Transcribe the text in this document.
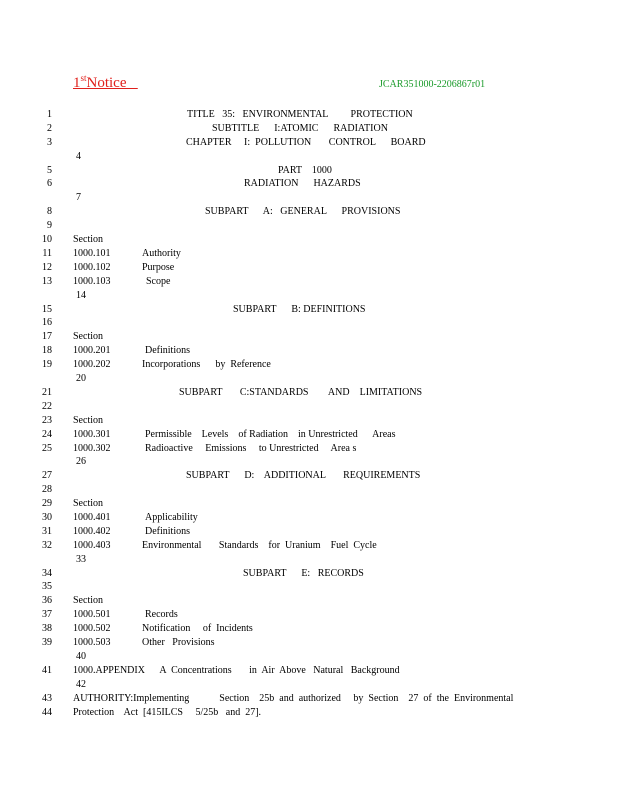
1stNotice	JCAR351000-2206867r01
1	TITLE   35:   ENVIRONMENTAL         PROTECTION
2	SUBTITLE      I:ATOMIC      RADIATION
3	CHAPTER     I:  POLLUTION       CONTROL      BOARD
4
5	PART    1000
6	RADIATION      HAZARDS
7
8	SUBPART      A:   GENERAL      PROVISIONS
9
10 Section
11 1000.101	Authority
12 1000.102	Purpose
13 1000.103	Scope
14
15	SUBPART      B: DEFINITIONS
16
17 Section
18 1000.201	Definitions
19 1000.202	Incorporations      by  Reference
20
21	SUBPART       C:STANDARDS        AND    LIMITATIONS
22
23 Section
24 1000.301	Permissible    Levels    of Radiation    in Unrestricted      Areas
25 1000.302	Radioactive     Emissions     to Unrestricted     Area s
26
27	SUBPART      D:    ADDITIONAL       REQUIREMENTS
28
29 Section
30 1000.401	Applicability
31 1000.402	Definitions
32 1000.403	Environmental       Standards    for  Uranium    Fuel  Cycle
33
34	SUBPART      E:   RECORDS
35
36 Section
37 1000.501	Records
38 1000.502	Notification     of  Incidents
39 1000.503	Other   Provisions
40
41 1000.APPENDIX      A  Concentrations       in  Air  Above   Natural   Background
42
43 AUTHORITY:Implementing            Section    25b  and  authorized     by  Section    27  of  the  Environmental
44 Protection    Act  [415ILCS     5/25b   and  27].
